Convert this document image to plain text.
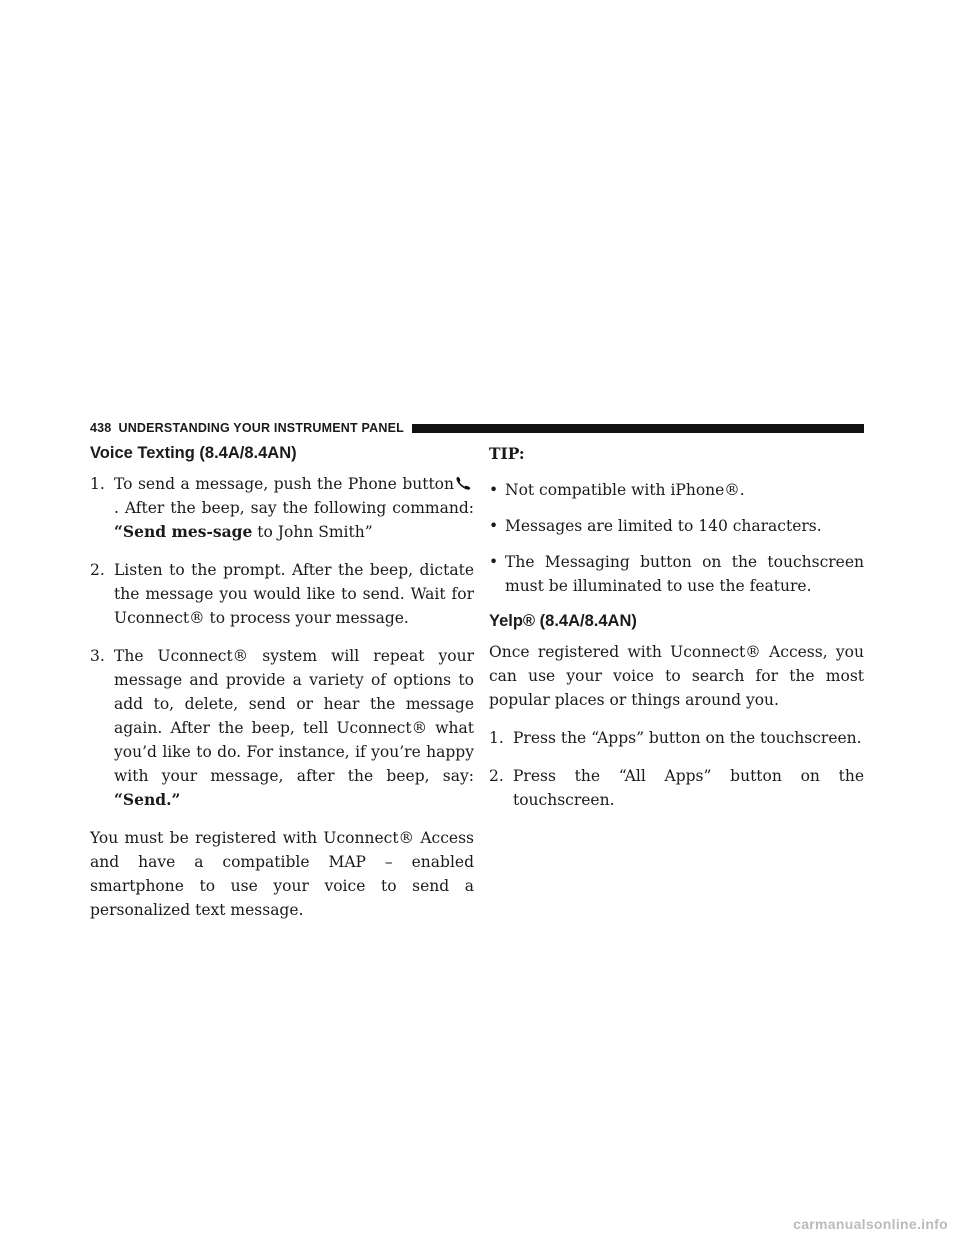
438 UNDERSTANDING YOUR INSTRUMENT PANEL
Voice Texting (8.4A/8.4AN)
1. To send a message, push the Phone button. After the beep, say the following command: “Send mes-sage to John Smith”
2. Listen to the prompt. After the beep, dictate the message you would like to send. Wait for Uconnect® to process your message.
3. The Uconnect® system will repeat your message and provide a variety of options to add to, delete, send or hear the message again. After the beep, tell Uconnect® what you’d like to do. For instance, if you’re happy with your message, after the beep, say: “Send.”

You must be registered with Uconnect® Access and have a compatible MAP – enabled smartphone to use your voice to send a personalized text message.

TIP:
• Not compatible with iPhone®.
• Messages are limited to 140 characters.
• The Messaging button on the touchscreen must be illuminated to use the feature.
Yelp® (8.4A/8.4AN)

Once registered with Uconnect® Access, you can use your voice to search for the most popular places or things around you.

1. Press the “Apps” button on the touchscreen.
2. Press the “All Apps” button on the touchscreen.
carmanualsonline.info
